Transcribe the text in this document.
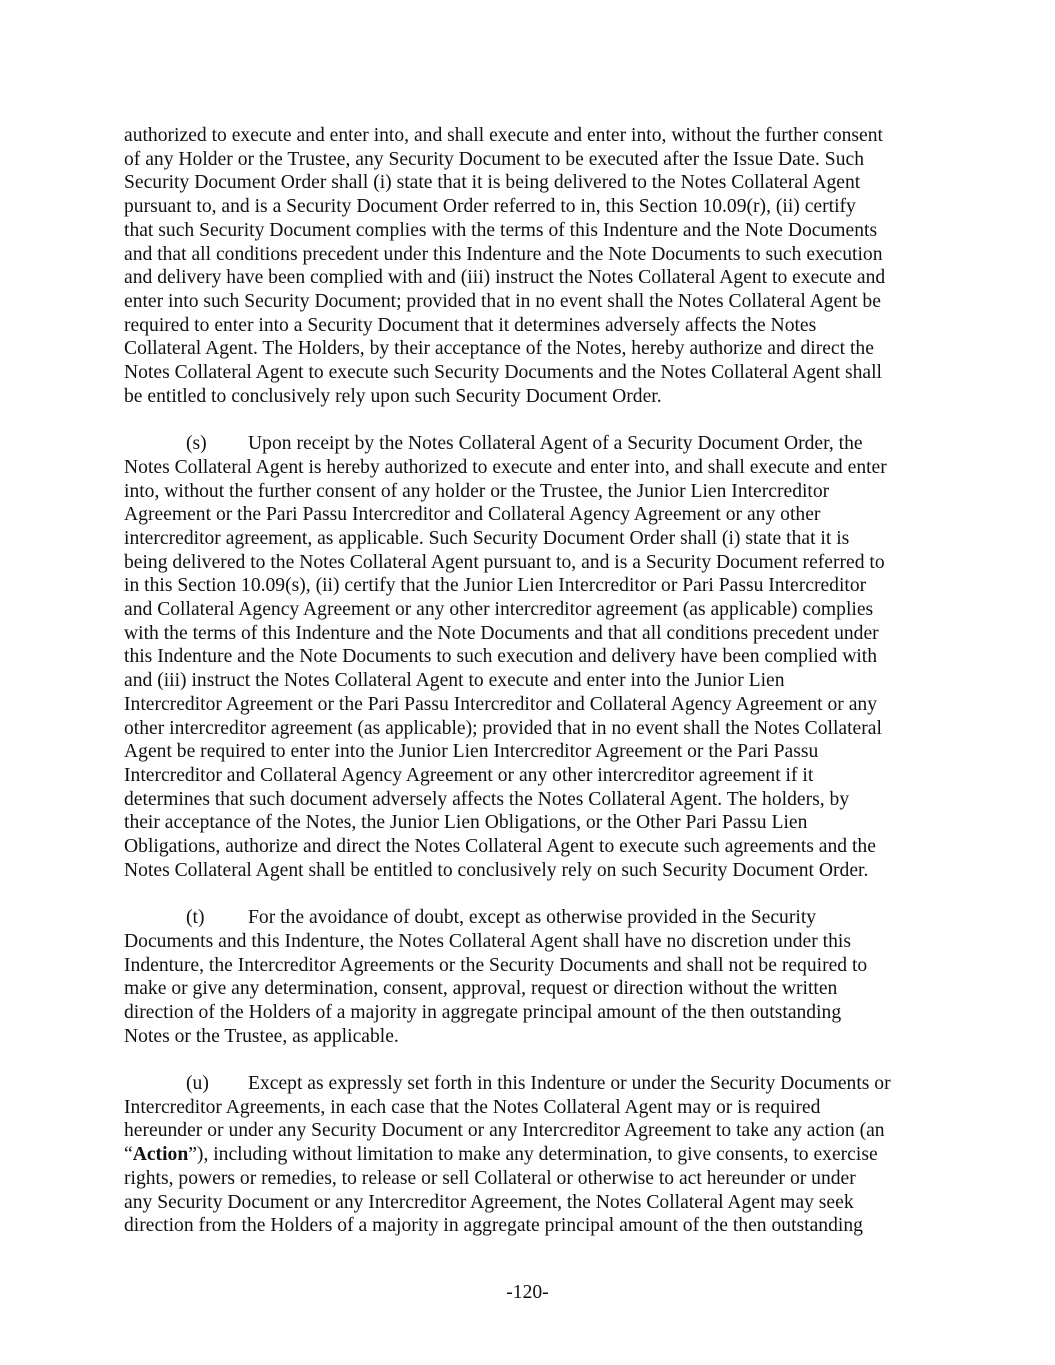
authorized to execute and enter into, and shall execute and enter into, without the further consent
of any Holder or the Trustee, any Security Document to be executed after the Issue Date. Such
Security Document Order shall (i) state that it is being delivered to the Notes Collateral Agent
pursuant to, and is a Security Document Order referred to in, this Section 10.09(r), (ii) certify
that such Security Document complies with the terms of this Indenture and the Note Documents
and that all conditions precedent under this Indenture and the Note Documents to such execution
and delivery have been complied with and (iii) instruct the Notes Collateral Agent to execute and
enter into such Security Document; provided that in no event shall the Notes Collateral Agent be
required to enter into a Security Document that it determines adversely affects the Notes
Collateral Agent. The Holders, by their acceptance of the Notes, hereby authorize and direct the
Notes Collateral Agent to execute such Security Documents and the Notes Collateral Agent shall
be entitled to conclusively rely upon such Security Document Order.
(s) Upon receipt by the Notes Collateral Agent of a Security Document Order, the
Notes Collateral Agent is hereby authorized to execute and enter into, and shall execute and enter
into, without the further consent of any holder or the Trustee, the Junior Lien Intercreditor
Agreement or the Pari Passu Intercreditor and Collateral Agency Agreement or any other
intercreditor agreement, as applicable. Such Security Document Order shall (i) state that it is
being delivered to the Notes Collateral Agent pursuant to, and is a Security Document referred to
in this Section 10.09(s), (ii) certify that the Junior Lien Intercreditor or Pari Passu Intercreditor
and Collateral Agency Agreement or any other intercreditor agreement (as applicable) complies
with the terms of this Indenture and the Note Documents and that all conditions precedent under
this Indenture and the Note Documents to such execution and delivery have been complied with
and (iii) instruct the Notes Collateral Agent to execute and enter into the Junior Lien
Intercreditor Agreement or the Pari Passu Intercreditor and Collateral Agency Agreement or any
other intercreditor agreement (as applicable); provided that in no event shall the Notes Collateral
Agent be required to enter into the Junior Lien Intercreditor Agreement or the Pari Passu
Intercreditor and Collateral Agency Agreement or any other intercreditor agreement if it
determines that such document adversely affects the Notes Collateral Agent. The holders, by
their acceptance of the Notes, the Junior Lien Obligations, or the Other Pari Passu Lien
Obligations, authorize and direct the Notes Collateral Agent to execute such agreements and the
Notes Collateral Agent shall be entitled to conclusively rely on such Security Document Order.
(t) For the avoidance of doubt, except as otherwise provided in the Security
Documents and this Indenture, the Notes Collateral Agent shall have no discretion under this
Indenture, the Intercreditor Agreements or the Security Documents and shall not be required to
make or give any determination, consent, approval, request or direction without the written
direction of the Holders of a majority in aggregate principal amount of the then outstanding
Notes or the Trustee, as applicable.
(u) Except as expressly set forth in this Indenture or under the Security Documents or
Intercreditor Agreements, in each case that the Notes Collateral Agent may or is required
hereunder or under any Security Document or any Intercreditor Agreement to take any action (an
“Action”), including without limitation to make any determination, to give consents, to exercise
rights, powers or remedies, to release or sell Collateral or otherwise to act hereunder or under
any Security Document or any Intercreditor Agreement, the Notes Collateral Agent may seek
direction from the Holders of a majority in aggregate principal amount of the then outstanding
-120-
